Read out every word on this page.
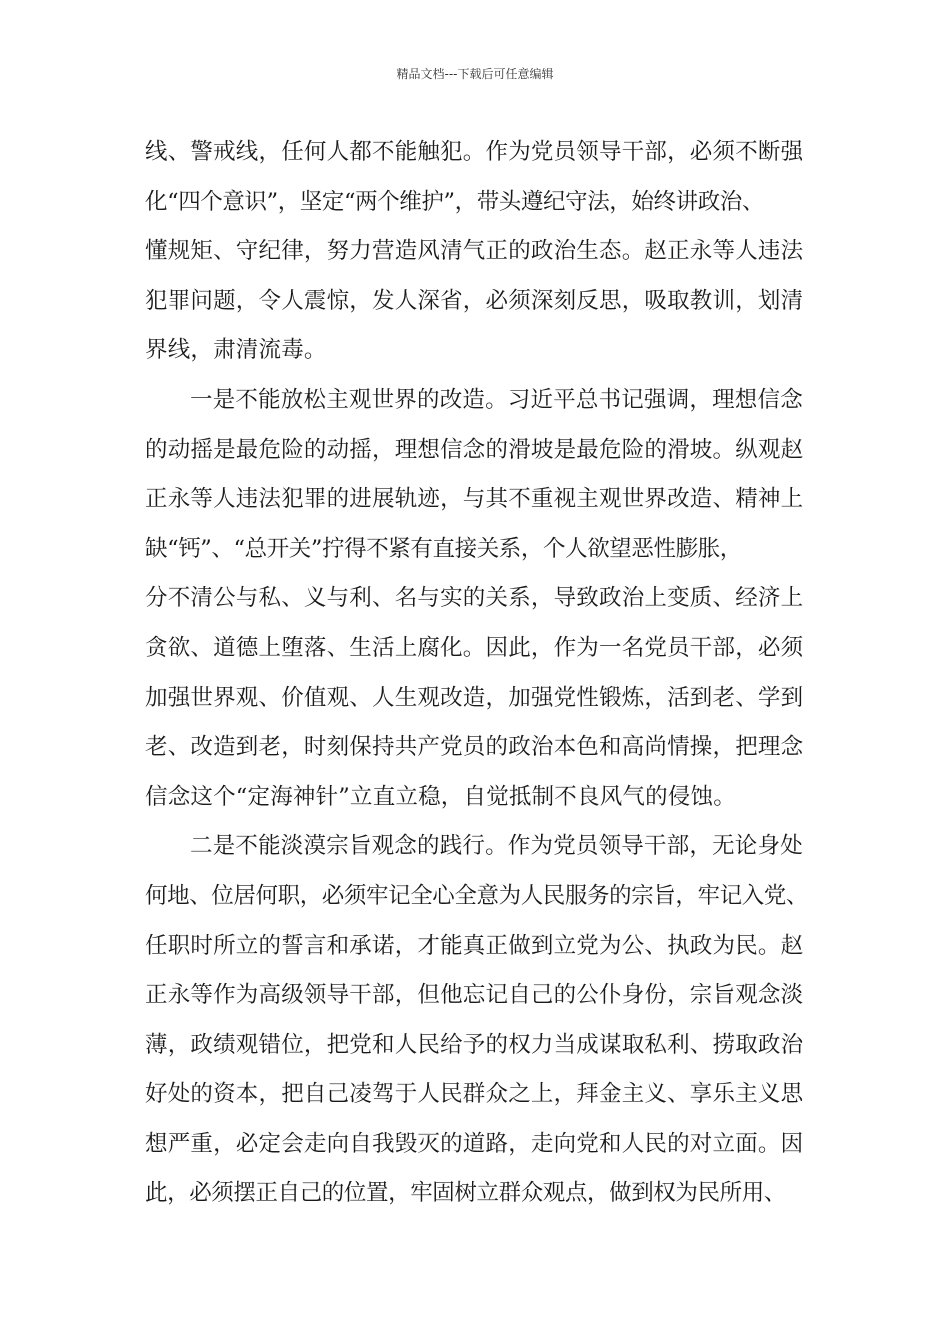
精品文档---下载后可任意编辑
线、警戒线，任何人都不能触犯。作为党员领导干部，必须不断强
化“四个意识”，坚定“两个维护”，带头遵纪守法，始终讲政治、
懂规矩、守纪律，努力营造风清气正的政治生态。赵正永等人违法
犯罪问题，令人震惊，发人深省，必须深刻反思，吸取教训，划清
界线，肃清流毒。
一是不能放松主观世界的改造。习近平总书记强调，理想信念
的动摇是最危险的动摇，理想信念的滑坡是最危险的滑坡。纵观赵
正永等人违法犯罪的进展轨迹，与其不重视主观世界改造、精神上
缺“钙”、“总开关”拧得不紧有直接关系，个人欲望恶性膨胀，
分不清公与私、义与利、名与实的关系，导致政治上变质、经济上
贪欲、道德上堕落、生活上腐化。因此，作为一名党员干部，必须
加强世界观、价值观、人生观改造，加强党性锻炼，活到老、学到
老、改造到老，时刻保持共产党员的政治本色和高尚情操，把理念
信念这个“定海神针”立直立稳，自觉抵制不良风气的侵蚀。
二是不能淡漠宗旨观念的践行。作为党员领导干部，无论身处
何地、位居何职，必须牢记全心全意为人民服务的宗旨，牢记入党、
任职时所立的誓言和承诺，才能真正做到立党为公、执政为民。赵
正永等作为高级领导干部，但他忘记自己的公仆身份，宗旨观念淡
薄，政绩观错位，把党和人民给予的权力当成谋取私利、捞取政治
好处的资本，把自己凌驾于人民群众之上，拜金主义、享乐主义思
想严重，必定会走向自我毁灭的道路，走向党和人民的对立面。因
此，必须摆正自己的位置，牢固树立群众观点，做到权为民所用、
